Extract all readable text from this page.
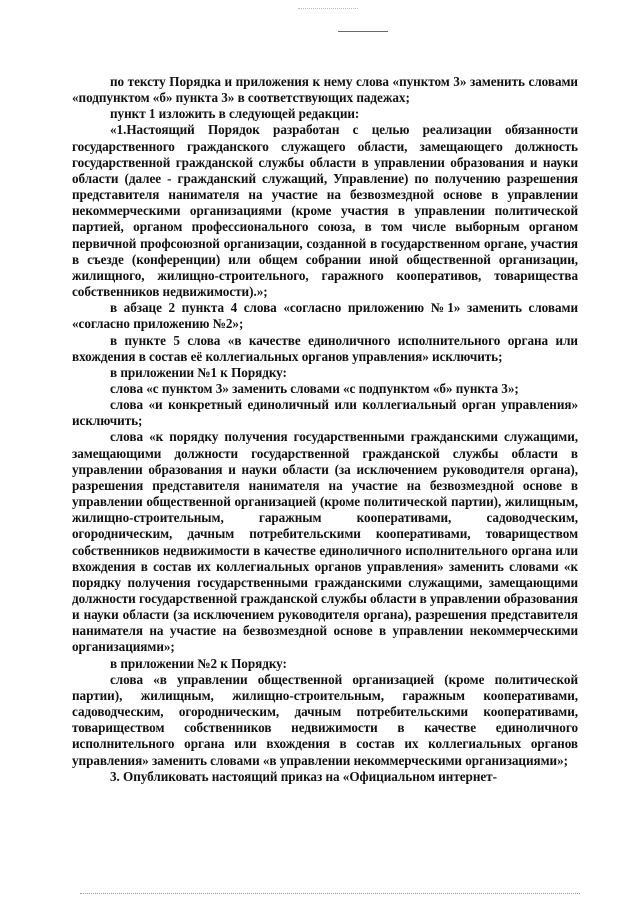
по тексту Порядка и приложения к нему слова «пунктом 3» заменить словами «подпунктом «б» пункта 3» в соответствующих падежах;

пункт 1 изложить в следующей редакции:

«1.Настоящий Порядок разработан с целью реализации обязанности государственного гражданского служащего области, замещающего должность государственной гражданской службы области в управлении образования и науки области (далее - гражданский служащий, Управление) по получению разрешения представителя нанимателя на участие на безвозмездной основе в управлении некоммерческими организациями (кроме участия в управлении политической партией, органом профессионального союза, в том числе выборным органом первичной профсоюзной организации, созданной в государственном органе, участия в съезде (конференции) или общем собрании иной общественной организации, жилищного, жилищно-строительного, гаражного кооперативов, товарищества собственников недвижимости).»;

в абзаце 2 пункта 4 слова «согласно приложению №1» заменить словами «согласно приложению №2»;

в пункте 5 слова «в качестве единоличного исполнительного органа или вхождения в состав её коллегиальных органов управления» исключить;

в приложении №1 к Порядку:

слова «с пунктом 3» заменить словами «с подпунктом «б» пункта 3»;

слова «и конкретный единоличный или коллегиальный орган управления» исключить;

слова «к порядку получения государственными гражданскими служащими, замещающими должности государственной гражданской службы области в управлении образования и науки области (за исключением руководителя органа), разрешения представителя нанимателя на участие на безвозмездной основе в управлении общественной организацией (кроме политической партии), жилищным, жилищно-строительным, гаражным кооперативами, садоводческим, огородническим, дачным потребительскими кооперативами, товариществом собственников недвижимости в качестве единоличного исполнительного органа или вхождения в состав их коллегиальных органов управления» заменить словами «к порядку получения государственными гражданскими служащими, замещающими должности государственной гражданской службы области в управлении образования и науки области (за исключением руководителя органа), разрешения представителя нанимателя на участие на безвозмездной основе в управлении некоммерческими организациями»;

в приложении №2 к Порядку:

слова «в управлении общественной организацией (кроме политической партии), жилищным, жилищно-строительным, гаражным кооперативами, садоводческим, огородническим, дачным потребительскими кооперативами, товариществом собственников недвижимости в качестве единоличного исполнительного органа или вхождения в состав их коллегиальных органов управления» заменить словами «в управлении некоммерческими организациями»;

3. Опубликовать настоящий приказ на «Официальном интернет-
